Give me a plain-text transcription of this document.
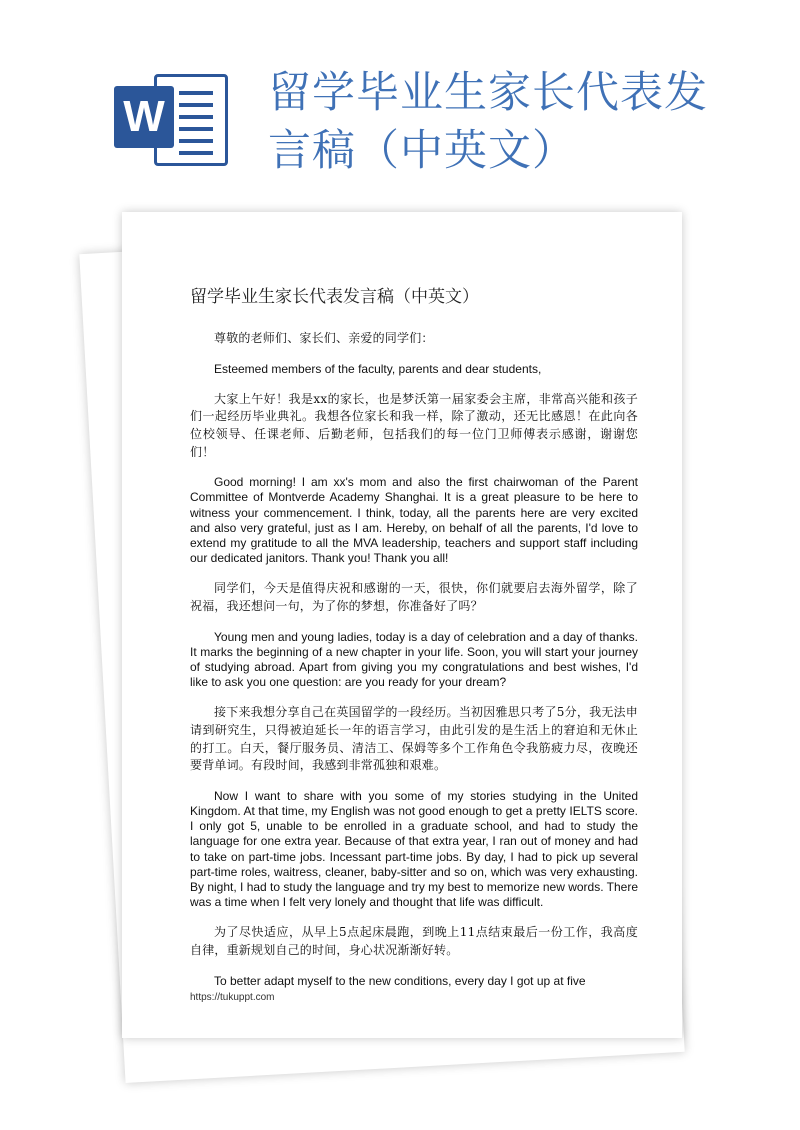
W 留学毕业生家长代表发
言稿（中英文）
留学毕业生家长代表发言稿（中英文）

尊敬的老师们、家长们、亲爱的同学们：

Esteemed members of the faculty, parents and dear students,

大家上午好！我是xx的家长，也是梦沃第一届家委会主席，非常高兴能和孩子们一起经历毕业典礼。我想各位家长和我一样，除了激动，还无比感恩！在此向各位校领导、任课老师、后勤老师，包括我们的每一位门卫师傅表示感谢，谢谢您们！

Good morning! I am xx's mom and also the first chairwoman of the Parent Committee of Montverde Academy Shanghai. It is a great pleasure to be here to witness your commencement. I think, today, all the parents here are very excited and also very grateful, just as I am. Hereby, on behalf of all the parents, I'd love to extend my gratitude to all the MVA leadership, teachers and support staff including our dedicated janitors. Thank you! Thank you all!

同学们，今天是值得庆祝和感谢的一天，很快，你们就要启去海外留学，除了祝福，我还想问一句，为了你的梦想，你准备好了吗？

Young men and young ladies, today is a day of celebration and a day of thanks. It marks the beginning of a new chapter in your life. Soon, you will start your journey of studying abroad. Apart from giving you my congratulations and best wishes, I'd like to ask you one question: are you ready for your dream?

接下来我想分享自己在英国留学的一段经历。当初因雅思只考了5分，我无法申请到研究生，只得被迫延长一年的语言学习，由此引发的是生活上的窘迫和无休止的打工。白天，餐厅服务员、清洁工、保姆等多个工作角色令我筋疲力尽，夜晚还要背单词。有段时间，我感到非常孤独和艰难。

Now I want to share with you some of my stories studying in the United Kingdom. At that time, my English was not good enough to get a pretty IELTS score. I only got 5, unable to be enrolled in a graduate school, and had to study the language for one extra year. Because of that extra year, I ran out of money and had to take on part-time jobs. Incessant part-time jobs. By day, I had to pick up several part-time roles, waitress, cleaner, baby-sitter and so on, which was very exhausting. By night, I had to study the language and try my best to memorize new words. There was a time when I felt very lonely and thought that life was difficult.

为了尽快适应，从早上5点起床晨跑，到晚上11点结束最后一份工作，我高度自律，重新规划自己的时间，身心状况渐渐好转。

To better adapt myself to the new conditions, every day I got up at five

https://tukuppt.com
